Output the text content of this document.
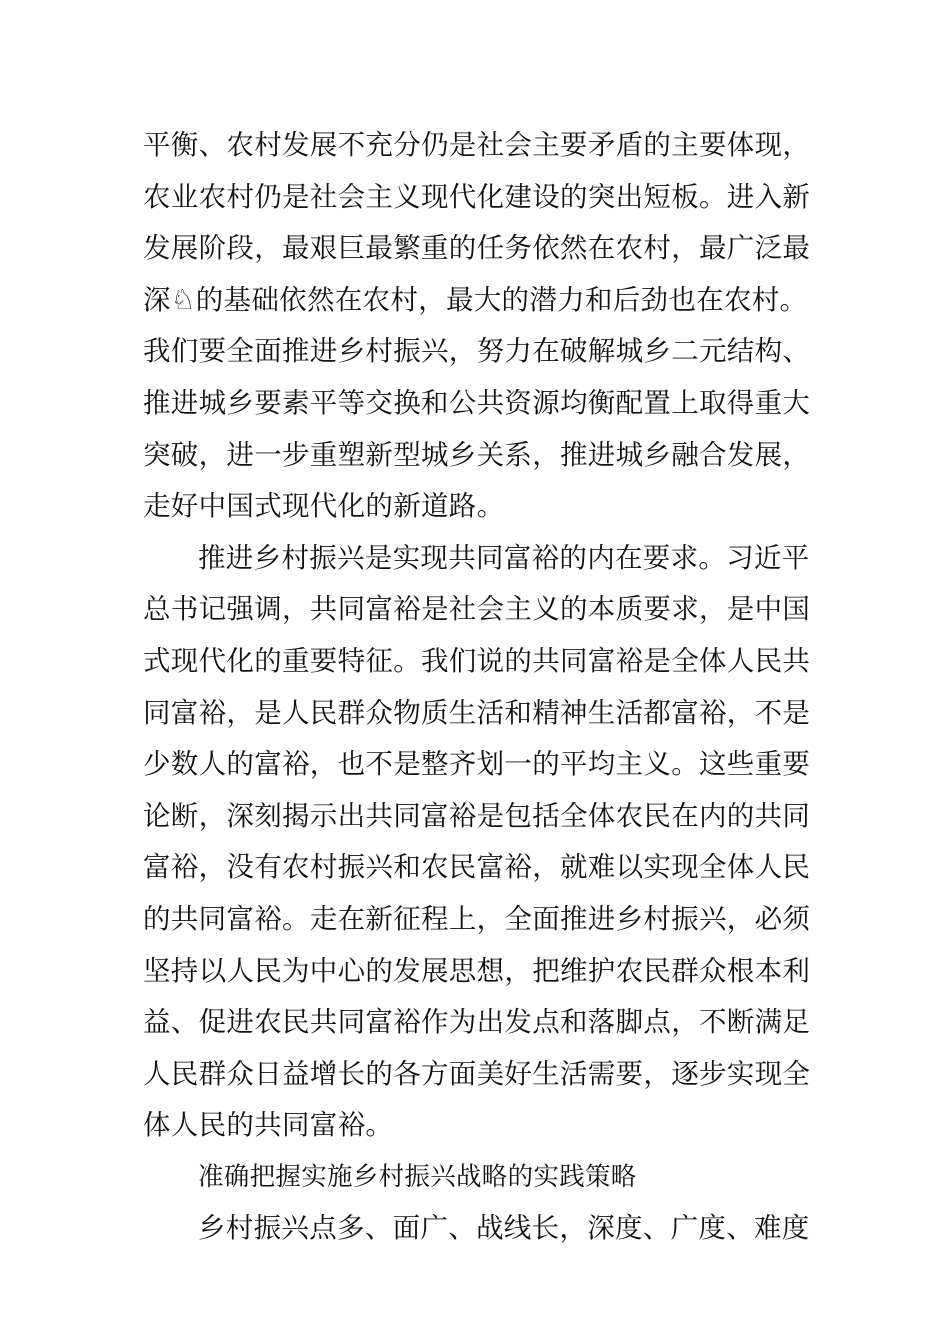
平衡、农村发展不充分仍是社会主要矛盾的主要体现，
农业农村仍是社会主义现代化建设的突出短板。进入新
发展阶段，最艰巨最繁重的任务依然在农村，最广泛最
深♘的基础依然在农村，最大的潜力和后劲也在农村。
我们要全面推进乡村振兴，努力在破解城乡二元结构、
推进城乡要素平等交换和公共资源均衡配置上取得重大
突破，进一步重塑新型城乡关系，推进城乡融合发展，
走好中国式现代化的新道路。
推进乡村振兴是实现共同富裕的内在要求。习近平
总书记强调，共同富裕是社会主义的本质要求，是中国
式现代化的重要特征。我们说的共同富裕是全体人民共
同富裕，是人民群众物质生活和精神生活都富裕，不是
少数人的富裕，也不是整齐划一的平均主义。这些重要
论断，深刻揭示出共同富裕是包括全体农民在内的共同
富裕，没有农村振兴和农民富裕，就难以实现全体人民
的共同富裕。走在新征程上，全面推进乡村振兴，必须
坚持以人民为中心的发展思想，把维护农民群众根本利
益、促进农民共同富裕作为出发点和落脚点，不断满足
人民群众日益增长的各方面美好生活需要，逐步实现全
体人民的共同富裕。
准确把握实施乡村振兴战略的实践策略
乡村振兴点多、面广、战线长，深度、广度、难度
